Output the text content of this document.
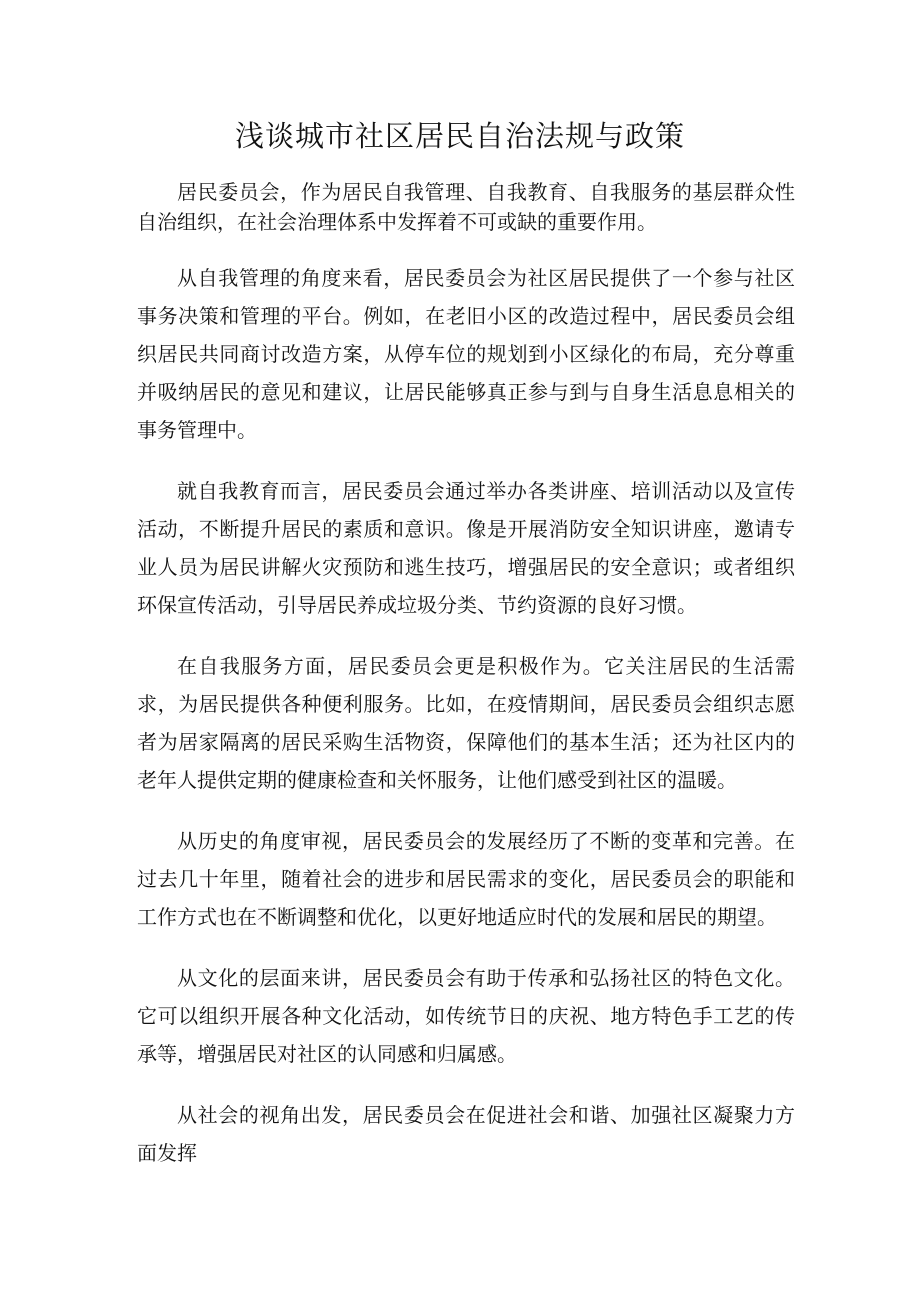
浅谈城市社区居民自治法规与政策

居民委员会，作为居民自我管理、自我教育、自我服务的基层群众性自治组织，在社会治理体系中发挥着不可或缺的重要作用。

从自我管理的角度来看，居民委员会为社区居民提供了一个参与社区事务决策和管理的平台。例如，在老旧小区的改造过程中，居民委员会组织居民共同商讨改造方案，从停车位的规划到小区绿化的布局，充分尊重并吸纳居民的意见和建议，让居民能够真正参与到与自身生活息息相关的事务管理中。

就自我教育而言，居民委员会通过举办各类讲座、培训活动以及宣传活动，不断提升居民的素质和意识。像是开展消防安全知识讲座，邀请专业人员为居民讲解火灾预防和逃生技巧，增强居民的安全意识；或者组织环保宣传活动，引导居民养成垃圾分类、节约资源的良好习惯。

在自我服务方面，居民委员会更是积极作为。它关注居民的生活需求，为居民提供各种便利服务。比如，在疫情期间，居民委员会组织志愿者为居家隔离的居民采购生活物资，保障他们的基本生活；还为社区内的老年人提供定期的健康检查和关怀服务，让他们感受到社区的温暖。

从历史的角度审视，居民委员会的发展经历了不断的变革和完善。在过去几十年里，随着社会的进步和居民需求的变化，居民委员会的职能和工作方式也在不断调整和优化，以更好地适应时代的发展和居民的期望。

从文化的层面来讲，居民委员会有助于传承和弘扬社区的特色文化。它可以组织开展各种文化活动，如传统节日的庆祝、地方特色手工艺的传承等，增强居民对社区的认同感和归属感。

从社会的视角出发，居民委员会在促进社会和谐、加强社区凝聚力方面发挥
